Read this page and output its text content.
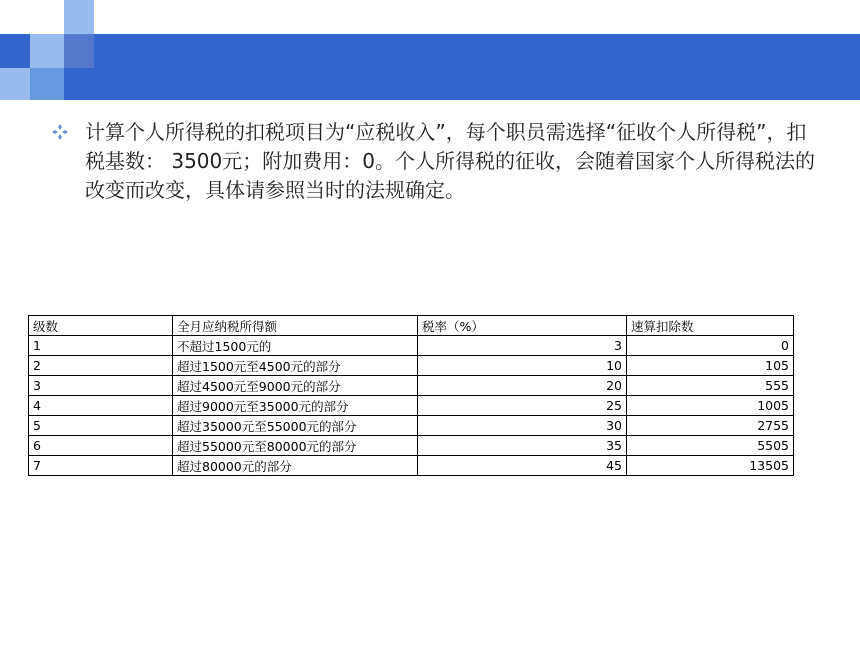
计算个人所得税的扣税项目为“应税收入”，每个职员需选择“征收个人所得税”，扣税基数： 3500元；附加费用：0。个人所得税的征收，会随着国家个人所得税法的改变而改变，具体请参照当时的法规确定。
级数	全月应纳税所得额	税率（%）	速算扣除数
1	不超过1500元的	3	0
2	超过1500元至4500元的部分	10	105
3	超过4500元至9000元的部分	20	555
4	超过9000元至35000元的部分	25	1005
5	超过35000元至55000元的部分	30	2755
6	超过55000元至80000元的部分	35	5505
7	超过80000元的部分	45	13505
